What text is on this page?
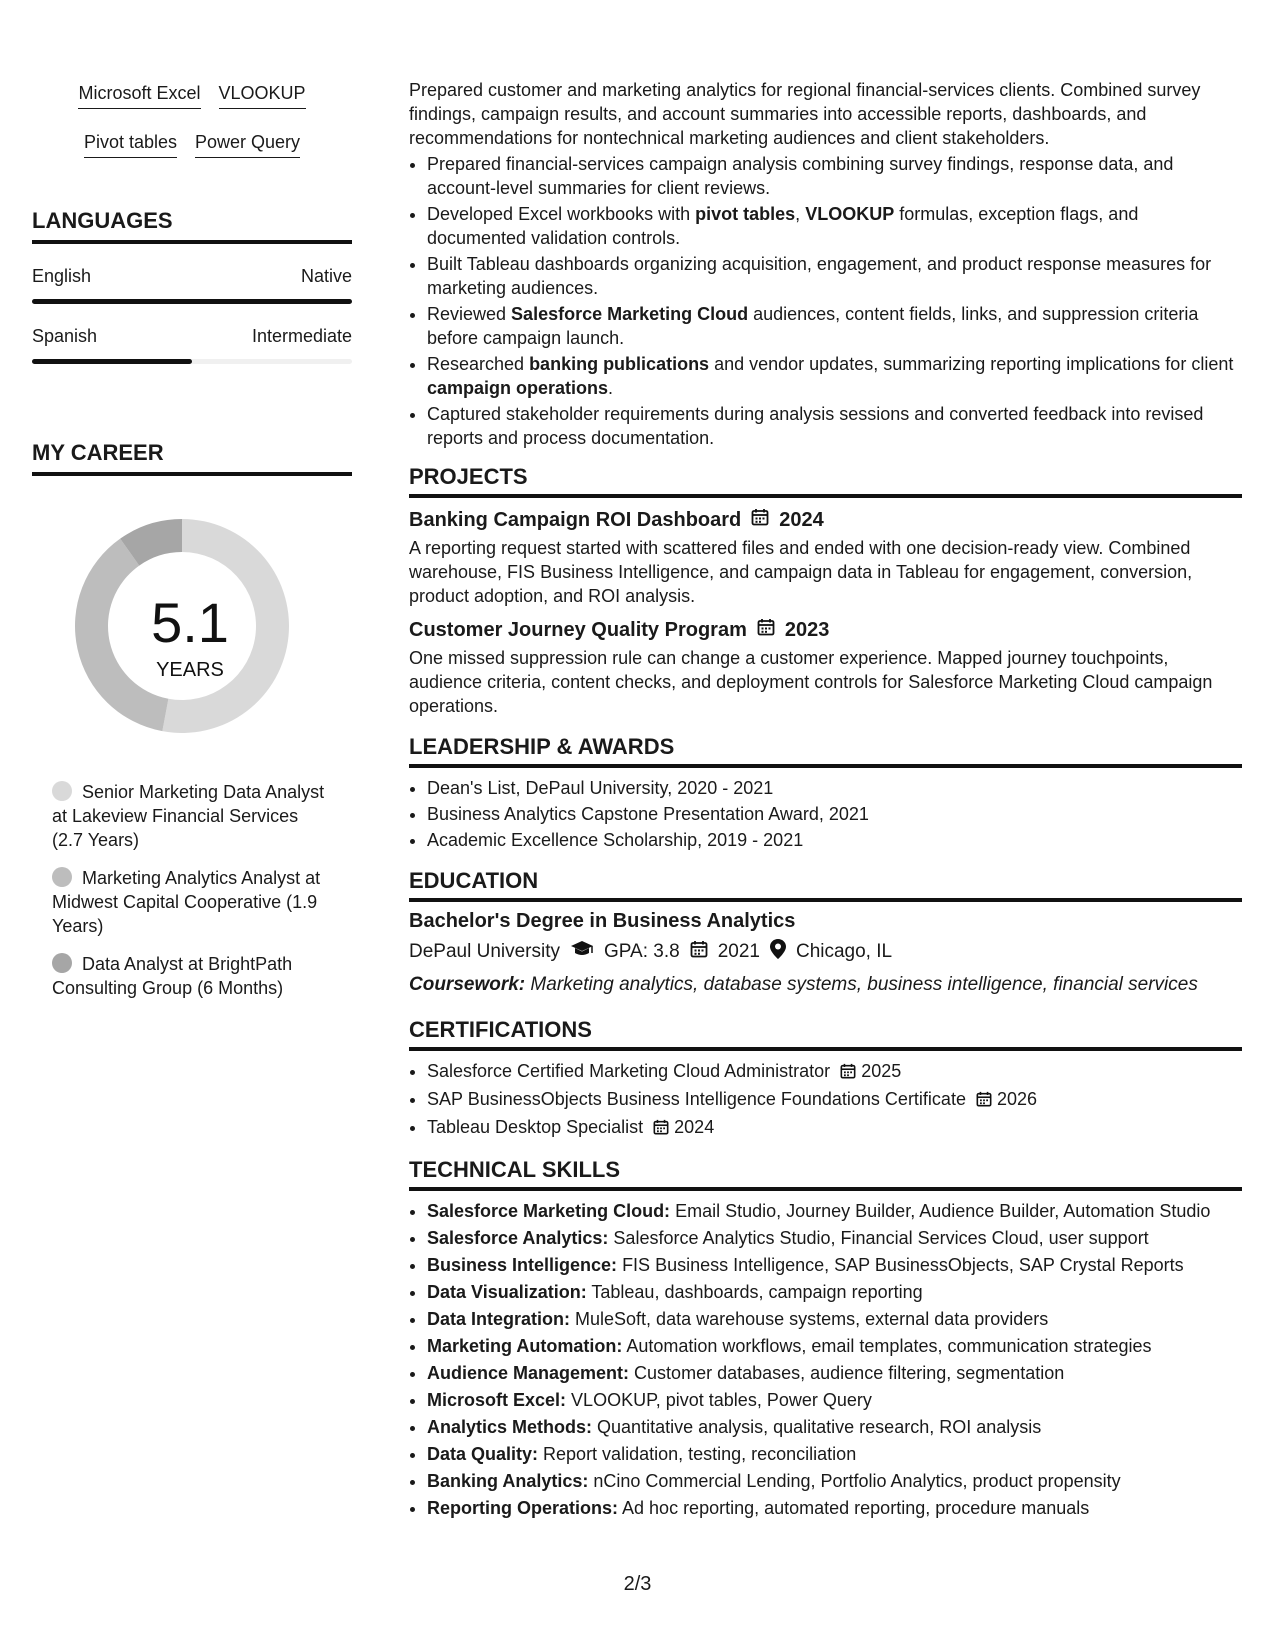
Microsoft Excel VLOOKUP
Pivot tables Power Query
LANGUAGES
English	Native
Spanish	Intermediate
MY CAREER
5.1
YEARS
Senior Marketing Data Analyst at Lakeview Financial Services (2.7 Years)
Marketing Analytics Analyst at Midwest Capital Cooperative (1.9 Years)
Data Analyst at BrightPath Consulting Group (6 Months)

Prepared customer and marketing analytics for regional financial-services clients. Combined survey findings, campaign results, and account summaries into accessible reports, dashboards, and recommendations for nontechnical marketing audiences and client stakeholders.

• Prepared financial-services campaign analysis combining survey findings, response data, and account-level summaries for client reviews.
• Developed Excel workbooks with pivot tables, VLOOKUP formulas, exception flags, and documented validation controls.
• Built Tableau dashboards organizing acquisition, engagement, and product response measures for marketing audiences.
• Reviewed Salesforce Marketing Cloud audiences, content fields, links, and suppression criteria before campaign launch.
• Researched banking publications and vendor updates, summarizing reporting implications for client campaign operations.
• Captured stakeholder requirements during analysis sessions and converted feedback into revised reports and process documentation.
PROJECTS
Banking Campaign ROI Dashboard 2024

A reporting request started with scattered files and ended with one decision-ready view. Combined warehouse, FIS Business Intelligence, and campaign data in Tableau for engagement, conversion, product adoption, and ROI analysis.

Customer Journey Quality Program 2023

One missed suppression rule can change a customer experience. Mapped journey touchpoints, audience criteria, content checks, and deployment controls for Salesforce Marketing Cloud campaign operations.

LEADERSHIP & AWARDS
• Dean's List, DePaul University, 2020 - 2021
• Business Analytics Capstone Presentation Award, 2021
• Academic Excellence Scholarship, 2019 - 2021
EDUCATION
Bachelor's Degree in Business Analytics
DePaul University GPA: 3.8 2021 Chicago, IL
Coursework: Marketing analytics, database systems, business intelligence, financial services
CERTIFICATIONS
• Salesforce Certified Marketing Cloud Administrator 2025
• SAP BusinessObjects Business Intelligence Foundations Certificate 2026
• Tableau Desktop Specialist 2024
TECHNICAL SKILLS
• Salesforce Marketing Cloud: Email Studio, Journey Builder, Audience Builder, Automation Studio
• Salesforce Analytics: Salesforce Analytics Studio, Financial Services Cloud, user support
• Business Intelligence: FIS Business Intelligence, SAP BusinessObjects, SAP Crystal Reports
• Data Visualization: Tableau, dashboards, campaign reporting
• Data Integration: MuleSoft, data warehouse systems, external data providers
• Marketing Automation: Automation workflows, email templates, communication strategies
• Audience Management: Customer databases, audience filtering, segmentation
• Microsoft Excel: VLOOKUP, pivot tables, Power Query
• Analytics Methods: Quantitative analysis, qualitative research, ROI analysis
• Data Quality: Report validation, testing, reconciliation
• Banking Analytics: nCino Commercial Lending, Portfolio Analytics, product propensity
• Reporting Operations: Ad hoc reporting, automated reporting, procedure manuals
2/3
